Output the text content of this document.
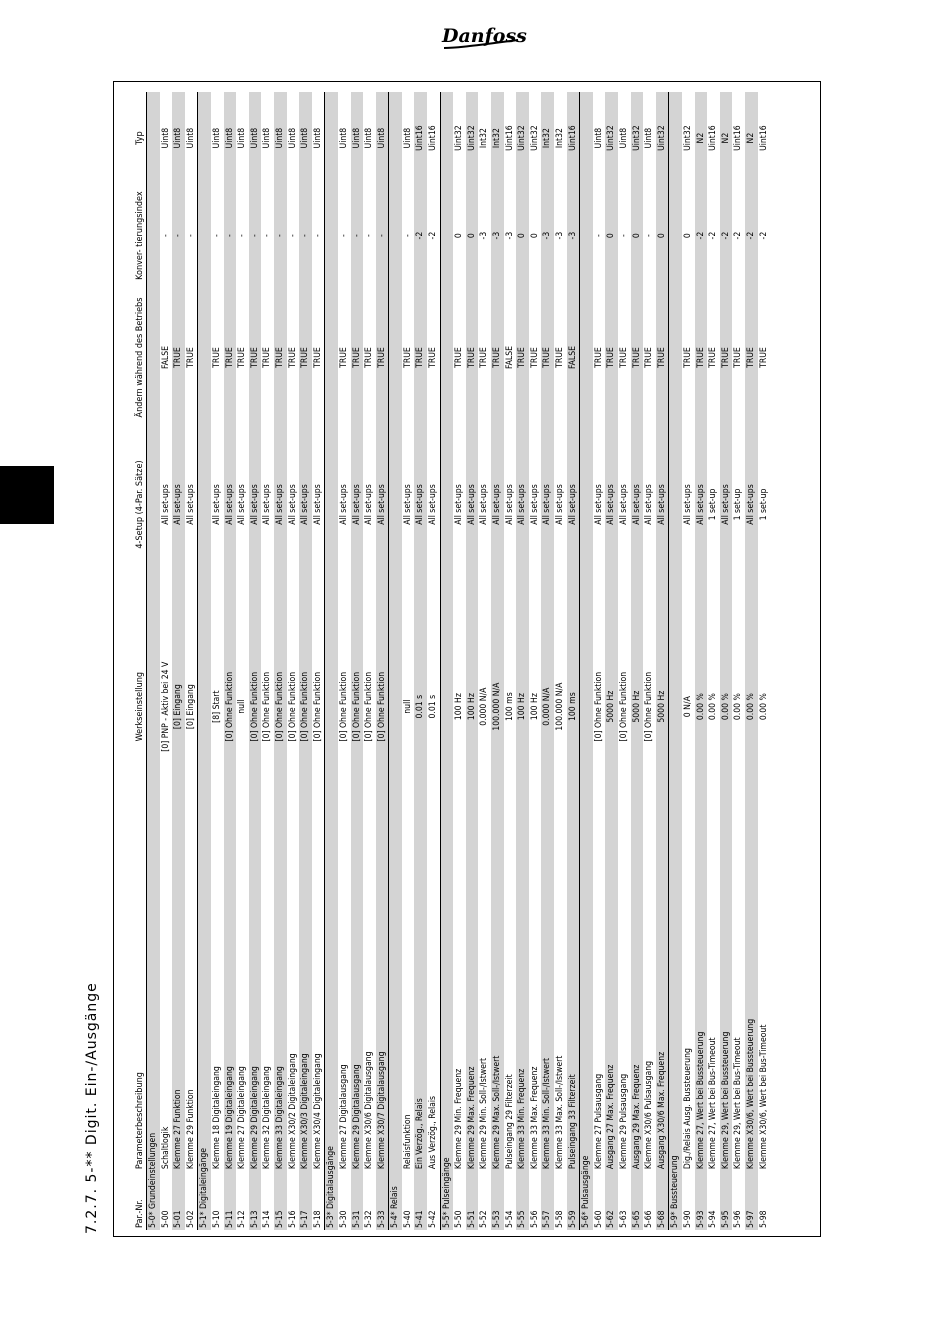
Danfoss
7.2.7. 5-** Digit. Ein-/Ausgänge	Par.-Nr.	Parameterbeschreibung	Werkseinstellung	4-Setup (4-Par. Sätze)	Ändern während des Betriebs	Konver- tierungsindex	Typ
5-0* Grundeinstellungen						
5-00	Schaltlogik	[0] PNP - Aktiv bei 24 V	All set-ups	FALSE	-	Uint8
5-01	Klemme 27 Funktion	[0] Eingang	All set-ups	TRUE	-	Uint8
5-02	Klemme 29 Funktion	[0] Eingang	All set-ups	TRUE	-	Uint8
5-1* Digitaleingänge						
5-10	Klemme 18 Digitaleingang	[8] Start	All set-ups	TRUE	-	Uint8
5-11	Klemme 19 Digitaleingang	[0] Ohne Funktion	All set-ups	TRUE	-	Uint8
5-12	Klemme 27 Digitaleingang	null	All set-ups	TRUE	-	Uint8
5-13	Klemme 29 Digitaleingang	[0] Ohne Funktion	All set-ups	TRUE	-	Uint8
5-14	Klemme 32 Digitaleingang	[0] Ohne Funktion	All set-ups	TRUE	-	Uint8
5-15	Klemme 33 Digitaleingang	[0] Ohne Funktion	All set-ups	TRUE	-	Uint8
5-16	Klemme X30/2 Digitaleingang	[0] Ohne Funktion	All set-ups	TRUE	-	Uint8
5-17	Klemme X30/3 Digitaleingang	[0] Ohne Funktion	All set-ups	TRUE	-	Uint8
5-18	Klemme X30/4 Digitaleingang	[0] Ohne Funktion	All set-ups	TRUE	-	Uint8
5-3* Digitalausgänge						
5-30	Klemme 27 Digitalausgang	[0] Ohne Funktion	All set-ups	TRUE	-	Uint8
5-31	Klemme 29 Digitalausgang	[0] Ohne Funktion	All set-ups	TRUE	-	Uint8
5-32	Klemme X30/6 Digitalausgang	[0] Ohne Funktion	All set-ups	TRUE	-	Uint8
5-33	Klemme X30/7 Digitalausgang	[0] Ohne Funktion	All set-ups	TRUE	-	Uint8
5-4* Relais						
5-40	Relaisfunktion	null	All set-ups	TRUE	-	Uint8
5-41	Ein Verzög., Relais	0.01 s	All set-ups	TRUE	-2	Uint16
5-42	Aus Verzög., Relais	0.01 s	All set-ups	TRUE	-2	Uint16
5-5* Pulseingänge						
5-50	Klemme 29 Min. Frequenz	100 Hz	All set-ups	TRUE	0	Uint32
5-51	Klemme 29 Max. Frequenz	100 Hz	All set-ups	TRUE	0	Uint32
5-52	Klemme 29 Min. Soll-/Istwert	0.000 N/A	All set-ups	TRUE	-3	Int32
5-53	Klemme 29 Max. Soll-/Istwert	100.000 N/A	All set-ups	TRUE	-3	Int32
5-54	Pulseingang 29 Filterzeit	100 ms	All set-ups	FALSE	-3	Uint16
5-55	Klemme 33 Min. Frequenz	100 Hz	All set-ups	TRUE	0	Uint32
5-56	Klemme 33 Max. Frequenz	100 Hz	All set-ups	TRUE	0	Uint32
5-57	Klemme 33 Min. Soll-/Istwert	0.000 N/A	All set-ups	TRUE	-3	Int32
5-58	Klemme 33 Max. Soll-/Istwert	100.000 N/A	All set-ups	TRUE	-3	Int32
5-59	Pulseingang 33 Filterzeit	100 ms	All set-ups	FALSE	-3	Uint16
5-6* Pulsausgänge						
5-60	Klemme 27 Pulsausgang	[0] Ohne Funktion	All set-ups	TRUE	-	Uint8
5-62	Ausgang 27 Max. Frequenz	5000 Hz	All set-ups	TRUE	0	Uint32
5-63	Klemme 29 Pulsausgang	[0] Ohne Funktion	All set-ups	TRUE	-	Uint8
5-65	Ausgang 29 Max. Frequenz	5000 Hz	All set-ups	TRUE	0	Uint32
5-66	Klemme X30/6 Pulsausgang	[0] Ohne Funktion	All set-ups	TRUE	-	Uint8
5-68	Ausgang X30/6 Max. Frequenz	5000 Hz	All set-ups	TRUE	0	Uint32
5-9* Bussteuerung						
5-90	Dig./Relais Ausg. Bussteuerung	0 N/A	All set-ups	TRUE	0	Uint32
5-93	Klemme 27, Wert bei Bussteuerung	0.00 %	All set-ups	TRUE	-2	N2
5-94	Klemme 27, Wert bei Bus-Timeout	0.00 %	1 set-up	TRUE	-2	Uint16
5-95	Klemme 29, Wert bei Bussteuerung	0.00 %	All set-ups	TRUE	-2	N2
5-96	Klemme 29, Wert bei Bus-Timeout	0.00 %	1 set-up	TRUE	-2	Uint16
5-97	Klemme X30/6, Wert bei Bussteuerung	0.00 %	All set-ups	TRUE	-2	N2
5-98	Klemme X30/6, Wert bei Bus-Timeout	0.00 %	1 set-up	TRUE	-2	Uint16
